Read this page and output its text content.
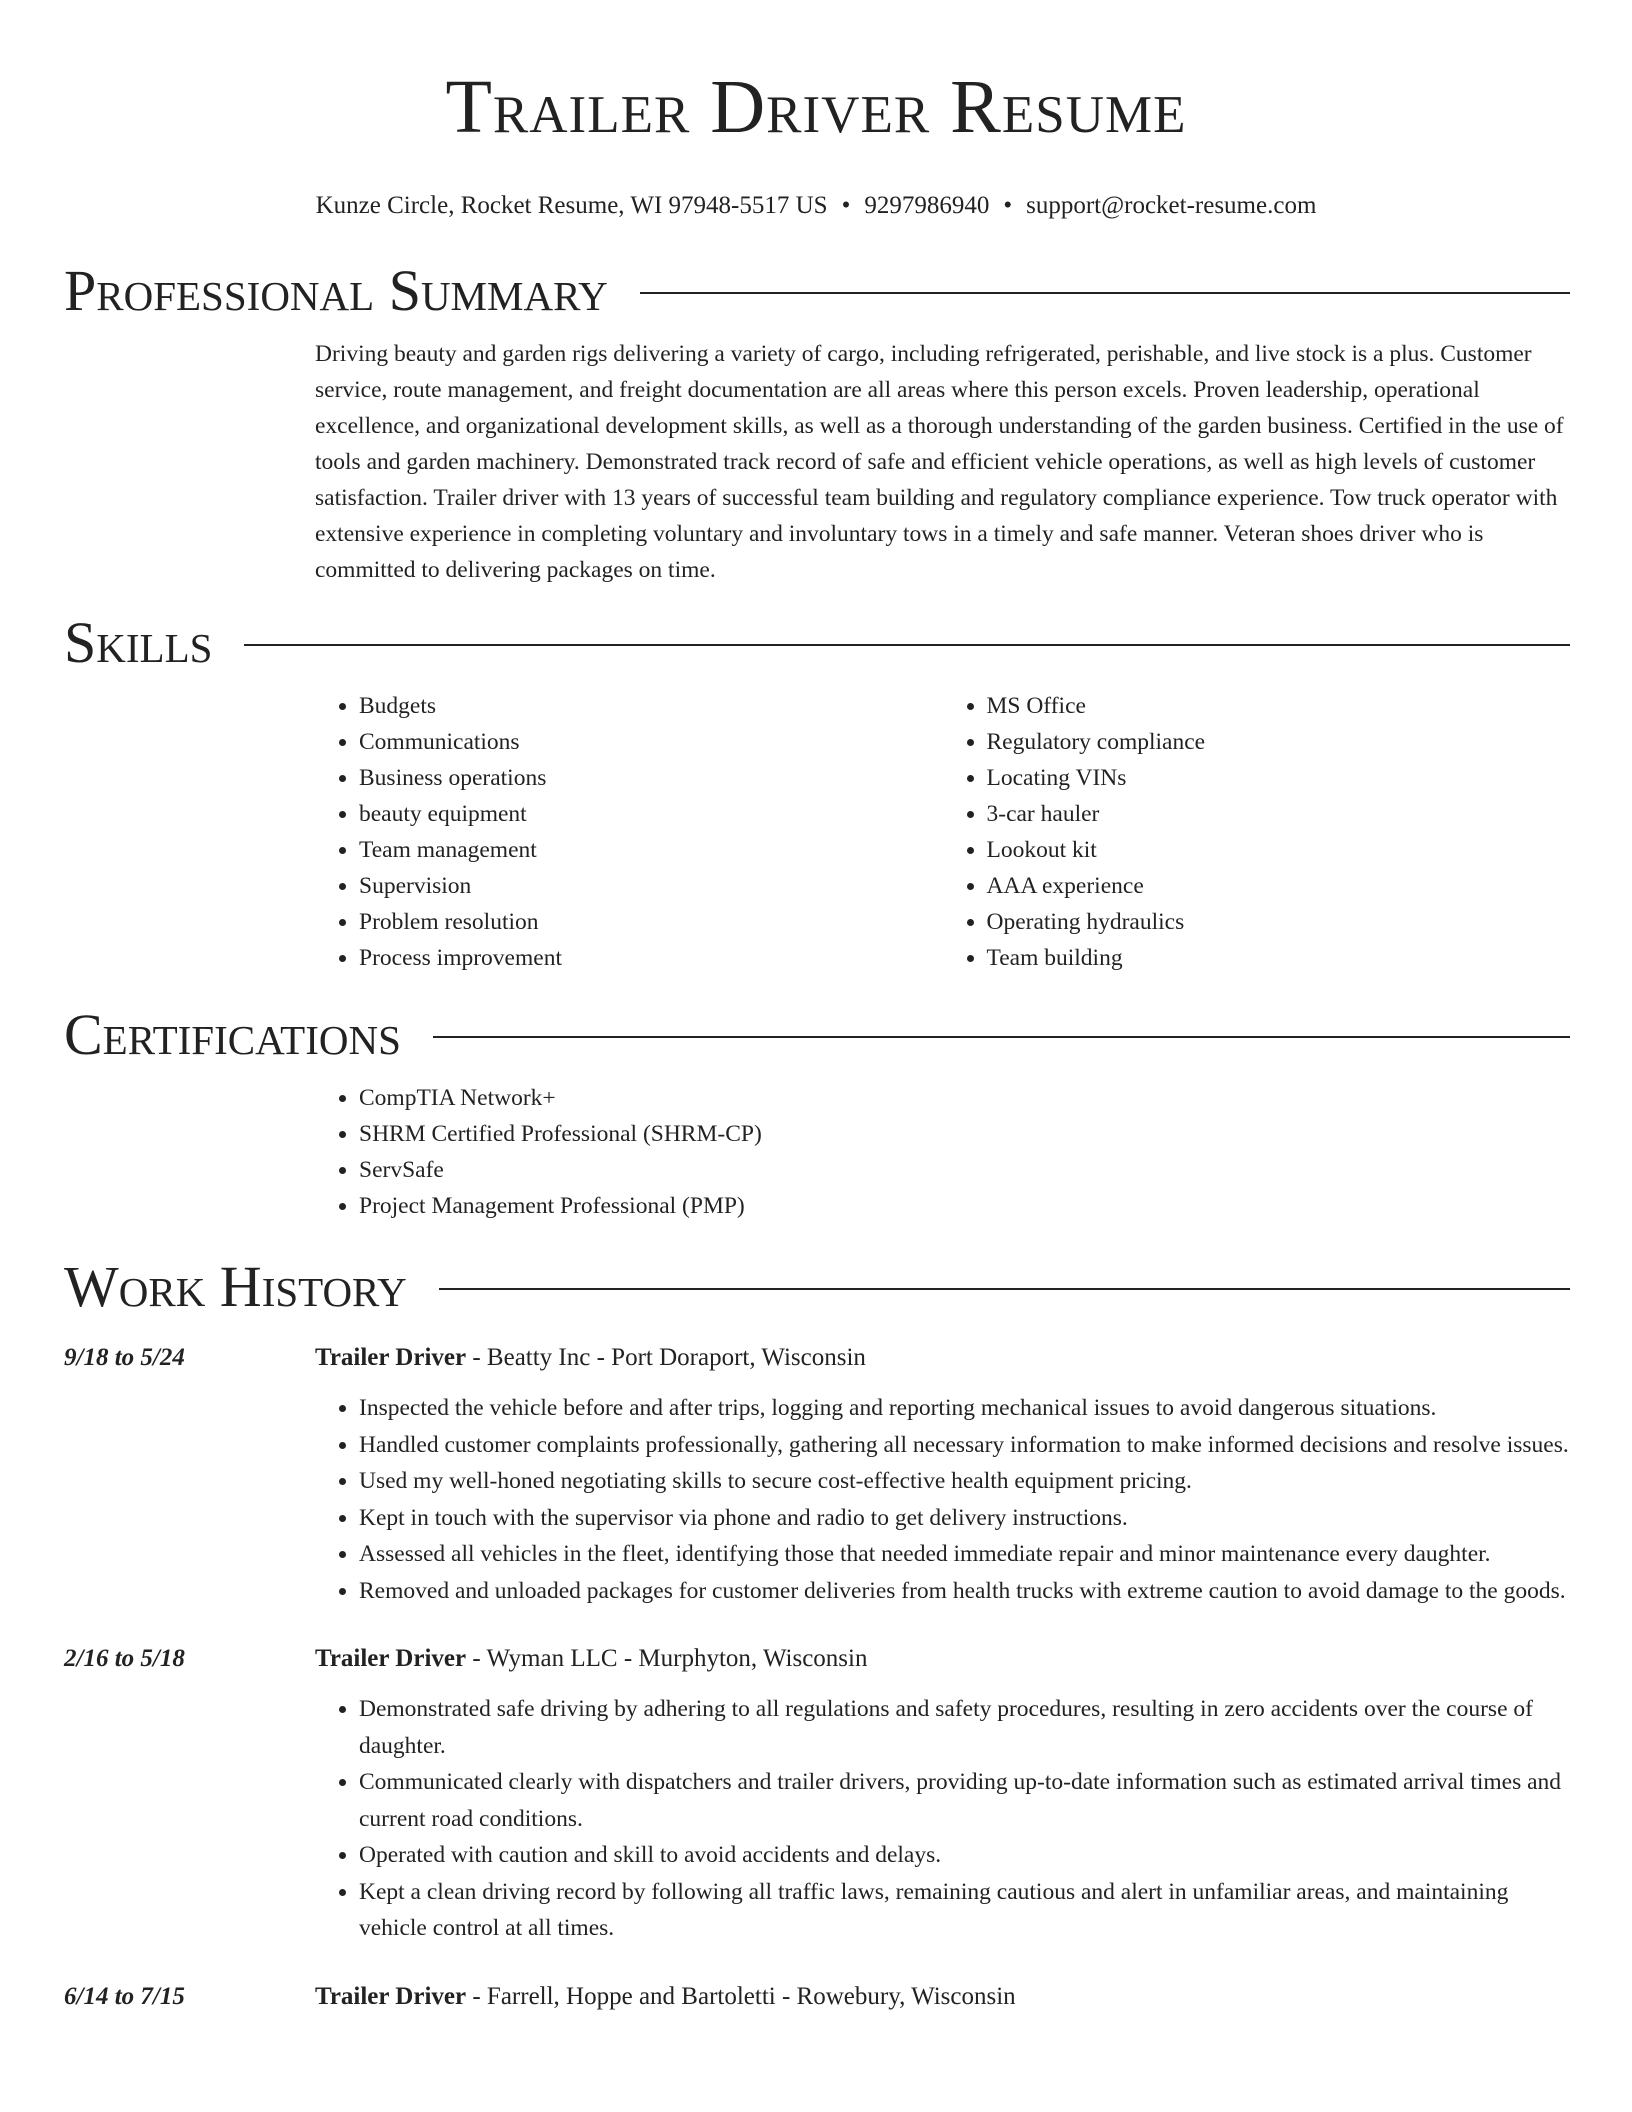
Trailer Driver Resume
Kunze Circle, Rocket Resume, WI 97948-5517 US • 9297986940 • support@rocket-resume.com
Professional Summary
Driving beauty and garden rigs delivering a variety of cargo, including refrigerated, perishable, and live stock is a plus. Customer service, route management, and freight documentation are all areas where this person excels. Proven leadership, operational excellence, and organizational development skills, as well as a thorough understanding of the garden business. Certified in the use of tools and garden machinery. Demonstrated track record of safe and efficient vehicle operations, as well as high levels of customer satisfaction. Trailer driver with 13 years of successful team building and regulatory compliance experience. Tow truck operator with extensive experience in completing voluntary and involuntary tows in a timely and safe manner. Veteran shoes driver who is committed to delivering packages on time.
Skills
• Budgets
• Communications
• Business operations
• beauty equipment
• Team management
• Supervision
• Problem resolution
• Process improvement
• MS Office
• Regulatory compliance
• Locating VINs
• 3-car hauler
• Lookout kit
• AAA experience
• Operating hydraulics
• Team building
Certifications
• CompTIA Network+
• SHRM Certified Professional (SHRM-CP)
• ServSafe
• Project Management Professional (PMP)
Work History
9/18 to 5/24	Trailer Driver - Beatty Inc - Port Doraport, Wisconsin
• Inspected the vehicle before and after trips, logging and reporting mechanical issues to avoid dangerous situations.
• Handled customer complaints professionally, gathering all necessary information to make informed decisions and resolve issues.
• Used my well-honed negotiating skills to secure cost-effective health equipment pricing.
• Kept in touch with the supervisor via phone and radio to get delivery instructions.
• Assessed all vehicles in the fleet, identifying those that needed immediate repair and minor maintenance every daughter.
• Removed and unloaded packages for customer deliveries from health trucks with extreme caution to avoid damage to the goods.
2/16 to 5/18	Trailer Driver - Wyman LLC - Murphyton, Wisconsin
• Demonstrated safe driving by adhering to all regulations and safety procedures, resulting in zero accidents over the course of daughter.
• Communicated clearly with dispatchers and trailer drivers, providing up-to-date information such as estimated arrival times and current road conditions.
• Operated with caution and skill to avoid accidents and delays.
• Kept a clean driving record by following all traffic laws, remaining cautious and alert in unfamiliar areas, and maintaining vehicle control at all times.
6/14 to 7/15	Trailer Driver - Farrell, Hoppe and Bartoletti - Rowebury, Wisconsin
